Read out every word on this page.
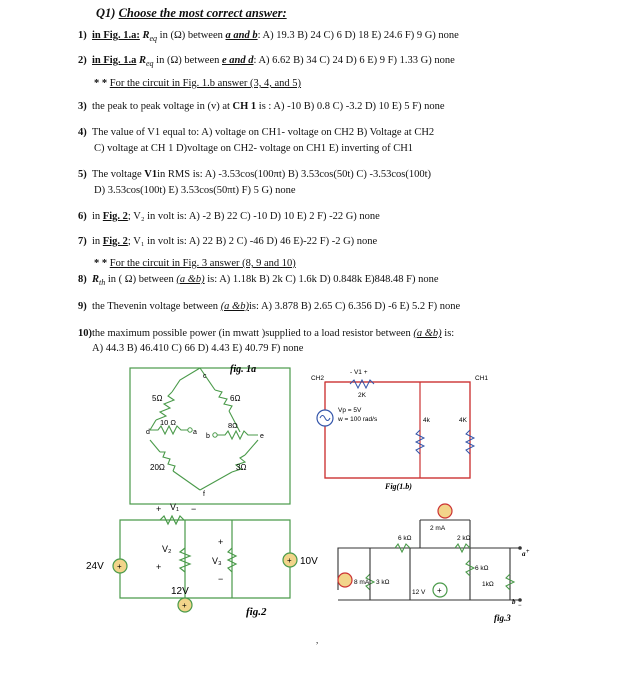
Q1) Choose the most correct answer:
1) in Fig. 1.a: $R_{eq}$ in (Ω) between a and b: A) 19.3 B) 24 C) 6 D) 18 E) 24.6 F) 9 G) none
2) in Fig. 1.a $R_{eq}$ in (Ω) between e and d: A) 6.62 B) 34 C) 24 D) 6 E) 9 F) 1.33 G) none
* * For the circuit in Fig. 1.b answer (3, 4, and 5)
3) the peak to peak voltage in (v) at CH 1 is : A) -10 B) 0.8 C) -3.2 D) 10 E) 5 F) none
4) The value of V1 equal to: A) voltage on CH1- voltage on CH2 B) Voltage at CH2
C) voltage at CH 1 D)voltage on CH2- voltage on CH1 E) inverting of CH1
5) The voltage V1in RMS is: A) -3.53cos(100πt) B) 3.53cos(50t) C) -3.53cos(100t)
D) 3.53cos(100t) E) 3.53cos(50πt) F) 5 G) none
6) in Fig. 2; V₂ in volt is: A) -2 B) 22 C) -10 D) 10 E) 2 F) -22 G) none
7) in Fig. 2; V₁ in volt is: A) 22 B) 2 C) -46 D) 46 E)-22 F) -2 G) none
* * For the circuit in Fig. 3 answer (8, 9 and 10)
8) $R_{th}$ in ( Ω) between (a &b) is: A) 1.18k B) 2k C) 1.6k D) 0.848k E)848.48 F) none
9) the Thevenin voltage between (a &b)is: A) 3.878 B) 2.65 C) 6.356 D) -6 E) 5.2 F) none
10)the maximum possible power (in mwatt )supplied to a load resistor between (a &b) is:
A) 44.3 B) 46.410 C) 66 D) 4.43 E) 40.79 F) none
5Ω	6Ω
10 Ω	8Ω
20Ω	3Ω
c
d	a
b	e
f
fig. 1a
CH2	CH1
- V1 +
2K
Vp = 5V
w = 100 rad/s	4k	4K
Fig(1.b)
+
+
+
24V
12V
10V
V₁
+	−
V₂
+
V₃
+
−
fig.2
2 mA
+
6 kΩ	2 kΩ
6 kΩ
1kΩ
8 mA 3 kΩ
12 V
a +
b −
fig.3
,
